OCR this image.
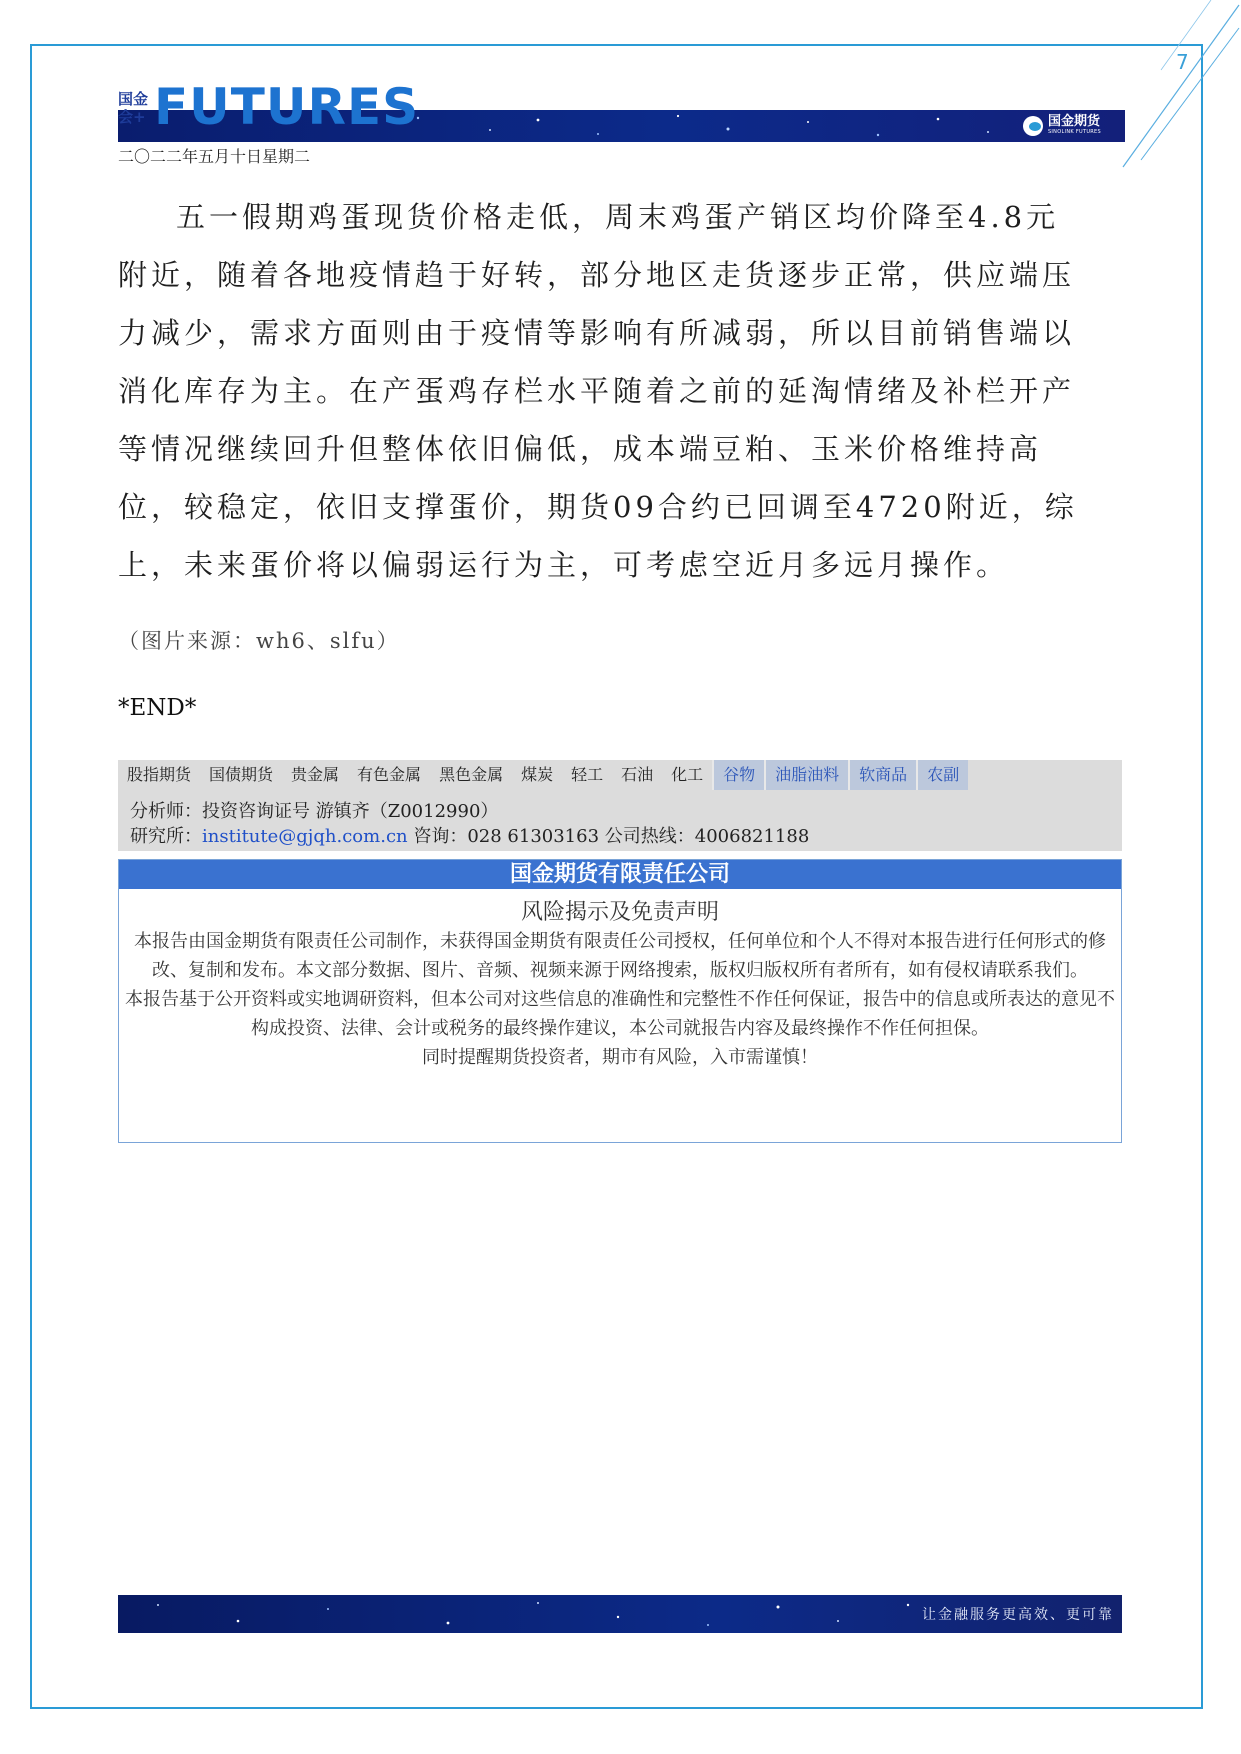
7
国金期货
SINOLINK FUTURES
国金会+ FUTURES
二〇二二年五月十日星期二

五一假期鸡蛋现货价格走低，周末鸡蛋产销区均价降至4.8元附近，随着各地疫情趋于好转，部分地区走货逐步正常，供应端压力减少，需求方面则由于疫情等影响有所减弱，所以目前销售端以消化库存为主。在产蛋鸡存栏水平随着之前的延淘情绪及补栏开产等情况继续回升但整体依旧偏低，成本端豆粕、玉米价格维持高位，较稳定，依旧支撑蛋价，期货09合约已回调至4720附近，综上，未来蛋价将以偏弱运行为主，可考虑空近月多远月操作。

（图片来源：wh6、slfu）
*END*
股指期货	国债期货	贵金属	有色金属	黑色金属	煤炭	轻工	石油	化工	谷物	油脂油料	软商品	农副
分析师：投资咨询证号 游镇齐（Z0012990）
研究所：institute@gjqh.com.cn 咨询：028 61303163 公司热线：4006821188
国金期货有限责任公司
风险揭示及免责声明
本报告由国金期货有限责任公司制作，未获得国金期货有限责任公司授权，任何单位和个人不得对本报告进行任何形式的修改、复制和发布。本文部分数据、图片、音频、视频来源于网络搜索，版权归版权所有者所有，如有侵权请联系我们。
本报告基于公开资料或实地调研资料，但本公司对这些信息的准确性和完整性不作任何保证，报告中的信息或所表达的意见不构成投资、法律、会计或税务的最终操作建议，本公司就报告内容及最终操作不作任何担保。
同时提醒期货投资者，期市有风险，入市需谨慎！
让金融服务更高效、更可靠
